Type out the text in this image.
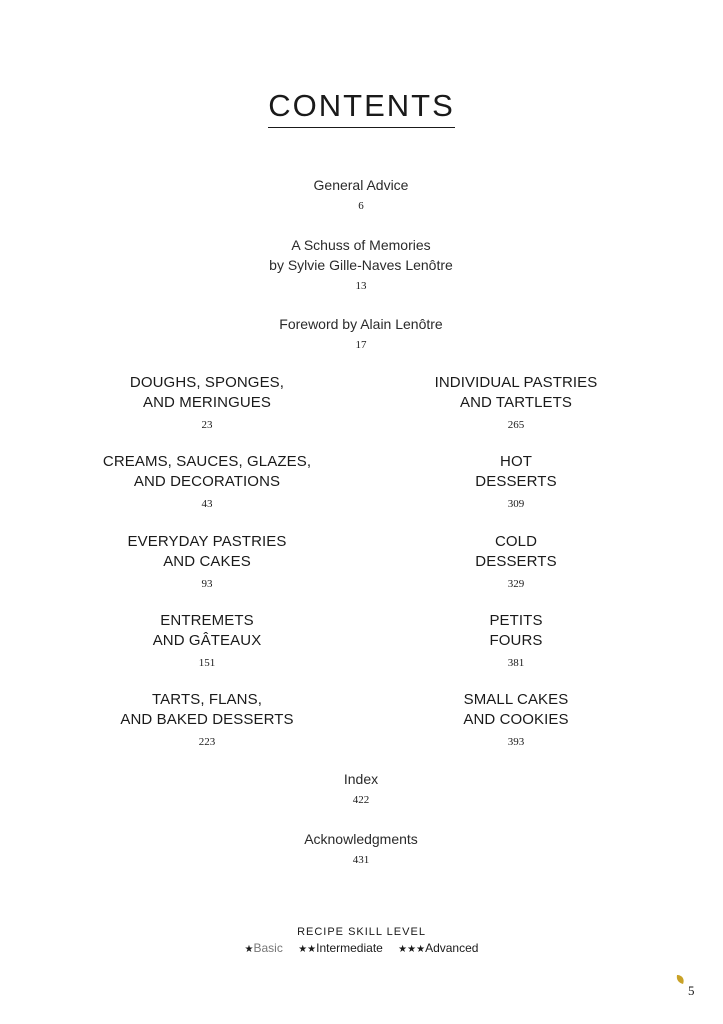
CONTENTS
General Advice
6
A Schuss of Memories
by Sylvie Gille-Naves Lenôtre
13
Foreword by Alain Lenôtre
17
DOUGHS, SPONGES,
AND MERINGUES
23
CREAMS, SAUCES, GLAZES,
AND DECORATIONS
43
EVERYDAY PASTRIES
AND CAKES
93
ENTREMETS
AND GÂTEAUX
151
TARTS, FLANS,
AND BAKED DESSERTS
223
INDIVIDUAL PASTRIES
AND TARTLETS
265
HOT
DESSERTS
309
COLD
DESSERTS
329
PETITS
FOURS
381
SMALL CAKES
AND COOKIES
393
Index
422
Acknowledgments
431
RECIPE SKILL LEVEL
★Basic ★★Intermediate ★★★Advanced
5
